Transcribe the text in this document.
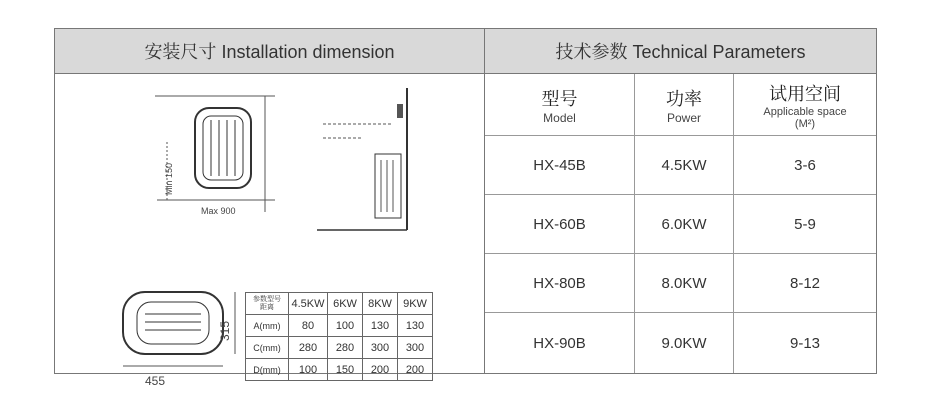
安装尺寸 Installation dimension	技术参数 Technical Parameters
Min 150
Max 900
315
455
参数型号
距离	4.5KW	6KW	8KW	9KW
A(mm)	80	100	130	130
C(mm)	280	280	300	300
D(mm)	100	150	200	200
型号
Model
功率
Power
试用空间
Applicable space
(M²)
HX-45B	4.5KW	3-6
HX-60B	6.0KW	5-9
HX-80B	8.0KW	8-12
HX-90B	9.0KW	9-13
